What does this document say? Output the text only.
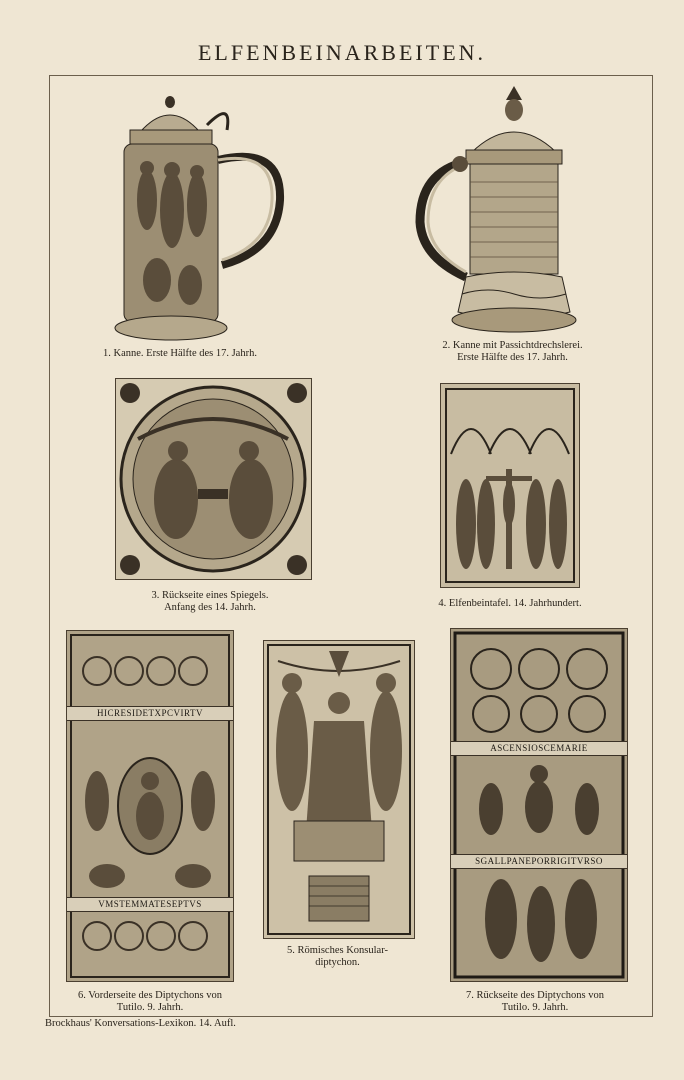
ELFENBEINARBEITEN.
1. Kanne. Erste Hälfte des 17. Jahrh.
2. Kanne mit Passichtdrechslerei.
Erste Hälfte des 17. Jahrh.
3. Rückseite eines Spiegels.
Anfang des 14. Jahrh.	4. Elfenbeintafel. 14. Jahrhundert.
HICRESIDETXPCVIRTV
VMSTEMMATESEPTVS
6. Vorderseite des Diptychons von
Tutilo. 9. Jahrh.
5. Römisches Konsular-
diptychon.
ASCENSIOSCEMARIE
SGALLPANEPORRIGITVRSO
7. Rückseite des Diptychons von
Tutilo. 9. Jahrh.
Brockhaus' Konversations-Lexikon. 14. Aufl.
